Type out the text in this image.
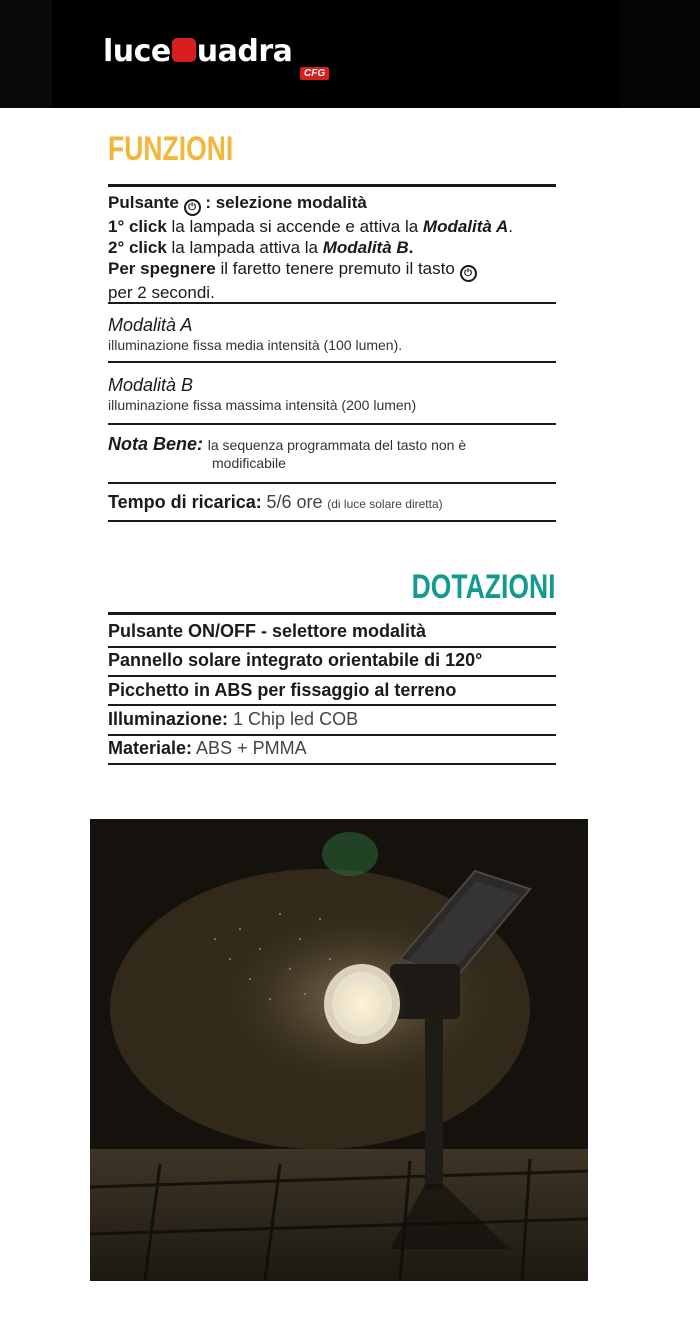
luce uadra
CFG
FUNZIONI
Pulsante ⏻ : selezione modalità
1° click la lampada si accende e attiva la Modalità A.
2° click la lampada attiva la Modalità B.
Per spegnere il faretto tenere premuto il tasto ⏻
per 2 secondi.
Modalità A
illuminazione fissa media intensità (100 lumen).
Modalità B
illuminazione fissa massima intensità (200 lumen)
Nota Bene: la sequenza programmata del tasto non è
modificabile
Tempo di ricarica: 5/6 ore (di luce solare diretta)
DOTAZIONI
Pulsante ON/OFF - selettore modalità
Pannello solare integrato orientabile di 120°
Picchetto in ABS per fissaggio al terreno
Illuminazione: 1 Chip led COB
Materiale: ABS + PMMA
